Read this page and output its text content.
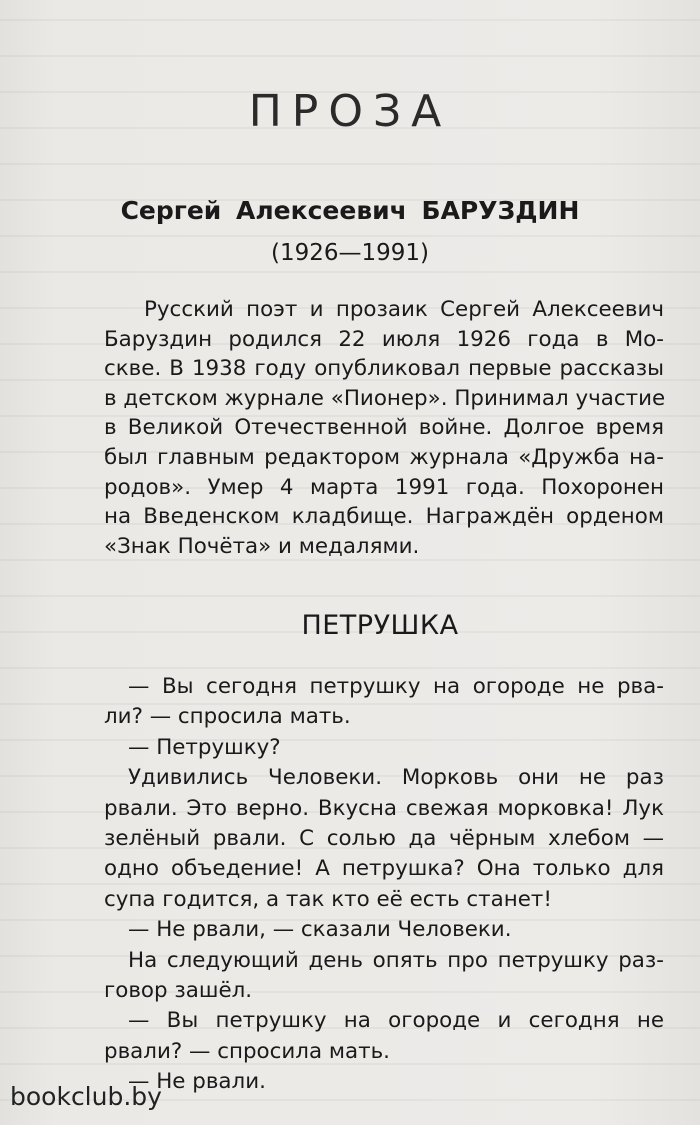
ПРОЗА
Сергей Алексеевич БАРУЗДИН
(1926—1991)
Русский поэт и прозаик Сергей Алексеевич
Баруздин родился 22 июля 1926 года в Мо-
скве. В 1938 году опубликовал первые рассказы
в детском журнале «Пионер». Принимал участие
в Великой Отечественной войне. Долгое время
был главным редактором журнала «Дружба на-
родов». Умер 4 марта 1991 года. Похоронен
на Введенском кладбище. Награждён орденом
«Знак Почёта» и медалями.
ПЕТРУШКА
— Вы сегодня петрушку на огороде не рва-
ли? — спросила мать.
— Петрушку?
Удивились Человеки. Морковь они не раз
рвали. Это верно. Вкусна свежая морковка! Лук
зелёный рвали. С солью да чёрным хлебом —
одно объедение! А петрушка? Она только для
супа годится, а так кто её есть станет!
— Не рвали, — сказали Человеки.
На следующий день опять про петрушку раз-
говор зашёл.
— Вы петрушку на огороде и сегодня не
рвали? — спросила мать.
— Не рвали.
bookclub.by
